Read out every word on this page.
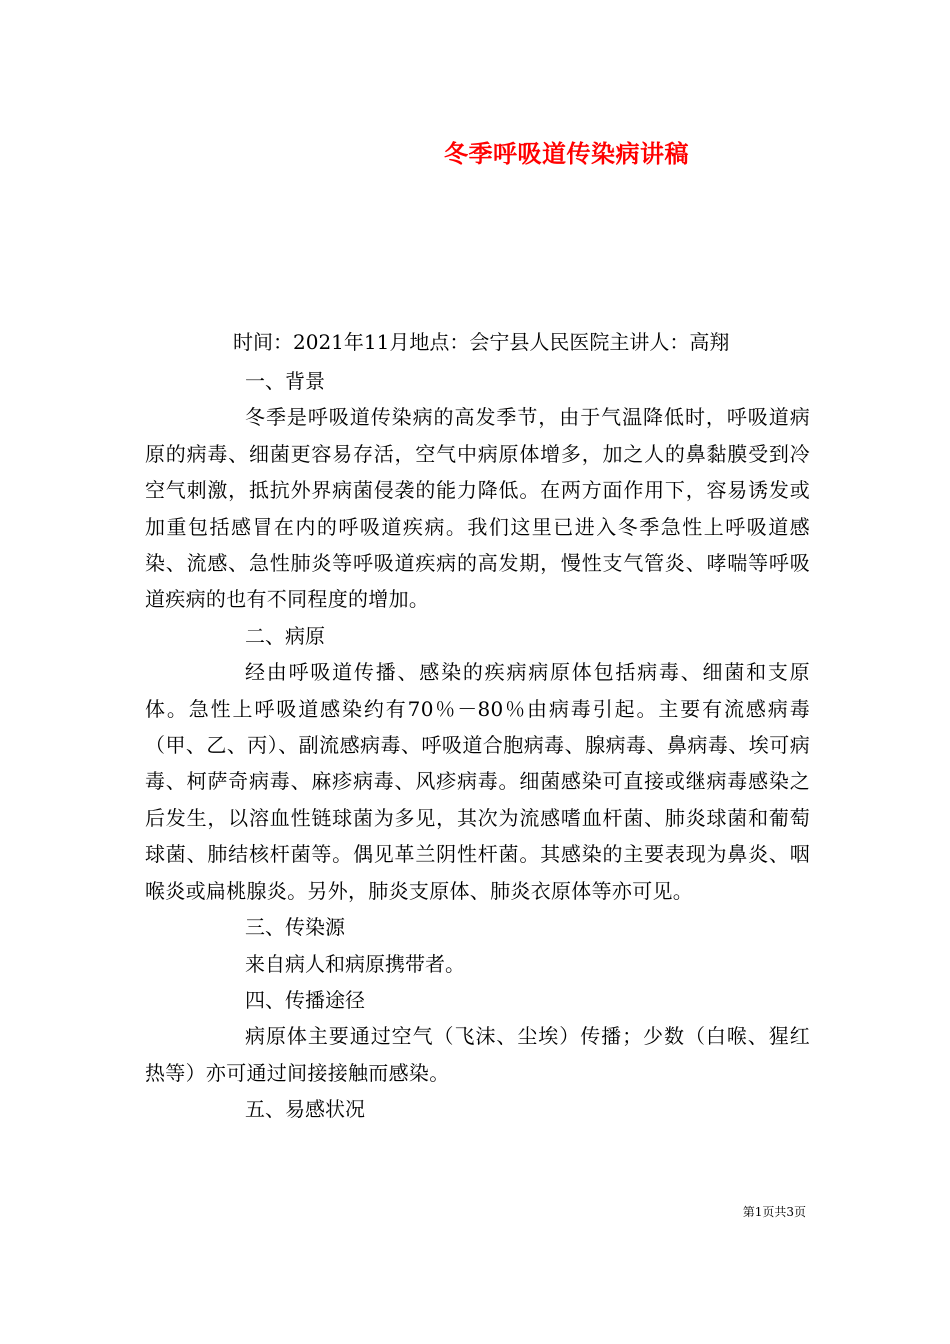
冬季呼吸道传染病讲稿
时间：2021年11月地点：会宁县人民医院主讲人：高翔

一、背景

冬季是呼吸道传染病的高发季节，由于气温降低时，呼吸道病原的病毒、细菌更容易存活，空气中病原体增多，加之人的鼻黏膜受到冷空气刺激，抵抗外界病菌侵袭的能力降低。在两方面作用下，容易诱发或加重包括感冒在内的呼吸道疾病。我们这里已进入冬季急性上呼吸道感染、流感、急性肺炎等呼吸道疾病的高发期，慢性支气管炎、哮喘等呼吸道疾病的也有不同程度的增加。

二、病原

经由呼吸道传播、感染的疾病病原体包括病毒、细菌和支原体。急性上呼吸道感染约有70％－80％由病毒引起。主要有流感病毒（甲、乙、丙）、副流感病毒、呼吸道合胞病毒、腺病毒、鼻病毒、埃可病毒、柯萨奇病毒、麻疹病毒、风疹病毒。细菌感染可直接或继病毒感染之后发生，以溶血性链球菌为多见，其次为流感嗜血杆菌、肺炎球菌和葡萄球菌、肺结核杆菌等。偶见革兰阴性杆菌。其感染的主要表现为鼻炎、咽喉炎或扁桃腺炎。另外，肺炎支原体、肺炎衣原体等亦可见。

三、传染源

来自病人和病原携带者。

四、传播途径

病原体主要通过空气（飞沫、尘埃）传播；少数（白喉、猩红热等）亦可通过间接接触而感染。

五、易感状况

第1页共3页
